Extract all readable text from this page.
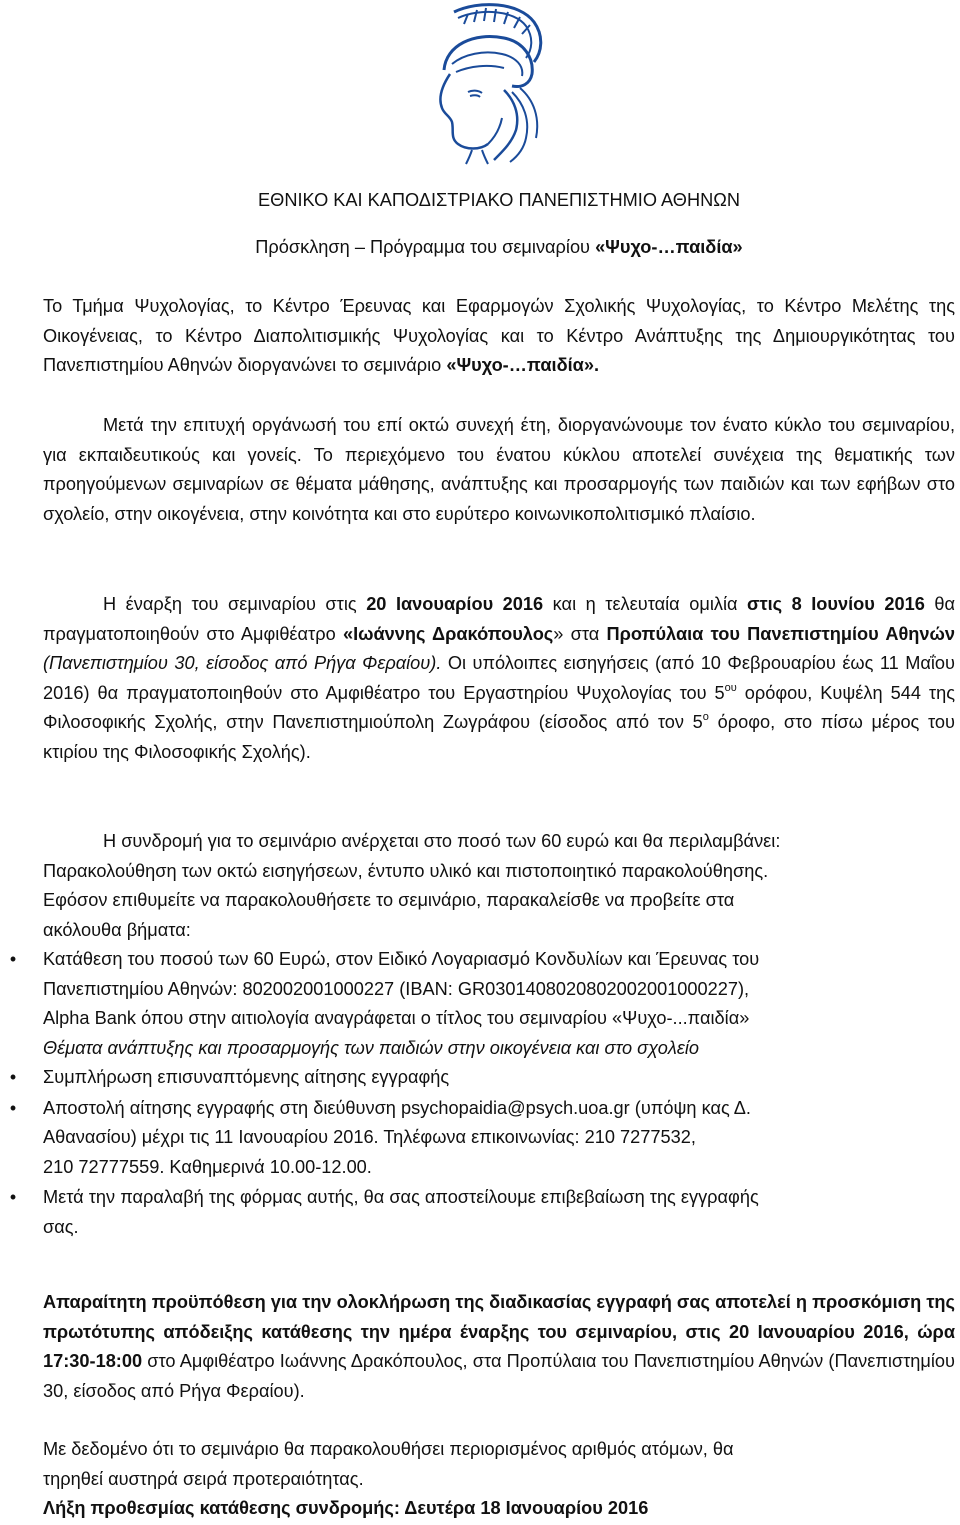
ΕΘΝΙΚΟ ΚΑΙ ΚΑΠΟΔΙΣΤΡΙΑΚΟ ΠΑΝΕΠΙΣΤΗΜΙΟ ΑΘΗΝΩΝ
Πρόσκληση – Πρόγραμμα του σεμιναρίου «Ψυχο-…παιδία»
Το Τμήμα Ψυχολογίας, το Κέντρο Έρευνας και Εφαρμογών Σχολικής Ψυχολογίας, το Κέντρο Μελέτης της Οικογένειας, το Κέντρο Διαπολιτισμικής Ψυχολογίας και το Κέντρο Ανάπτυξης της Δημιουργικότητας του Πανεπιστημίου Αθηνών διοργανώνει το σεμινάριο «Ψυχο-…παιδία».
Μετά την επιτυχή οργάνωσή του επί οκτώ συνεχή έτη, διοργανώνουμε τον ένατο κύκλο του σεμιναρίου, για εκπαιδευτικούς και γονείς. Το περιεχόμενο του ένατου κύκλου αποτελεί συνέχεια της θεματικής των προηγούμενων σεμιναρίων σε θέματα μάθησης, ανάπτυξης και προσαρμογής των παιδιών και των εφήβων στο σχολείο, στην οικογένεια, στην κοινότητα και στο ευρύτερο κοινωνικοπολιτισμικό πλαίσιο.
Η έναρξη του σεμιναρίου στις 20 Ιανουαρίου 2016 και η τελευταία ομιλία στις 8 Ιουνίου 2016 θα πραγματοποιηθούν στο Αμφιθέατρο «Ιωάννης Δρακόπουλος» στα Προπύλαια του Πανεπιστημίου Αθηνών (Πανεπιστημίου 30, είσοδος από Ρήγα Φεραίου). Οι υπόλοιπες εισηγήσεις (από 10 Φεβρουαρίου έως 11 Μαΐου 2016) θα πραγματοποιηθούν στο Αμφιθέατρο του Εργαστηρίου Ψυχολογίας του $5^{o\upsilon}$ ορόφου, Κυψέλη 544 της Φιλοσοφικής Σχολής, στην Πανεπιστημιούπολη Ζωγράφου (είσοδος από τον $5^o$ όροφο, στο πίσω μέρος του κτιρίου της Φιλοσοφικής Σχολής).
Η συνδρομή για το σεμινάριο ανέρχεται στο ποσό των 60 ευρώ και θα περιλαμβάνει:
Παρακολούθηση των οκτώ εισηγήσεων, έντυπο υλικό και πιστοποιητικό παρακολούθησης.
Εφόσον επιθυμείτε να παρακολουθήσετε το σεμινάριο, παρακαλείσθε να προβείτε στα
ακόλουθα βήματα:
• Κατάθεση του ποσού των 60 Ευρώ, στον Ειδικό Λογαριασμό Κονδυλίων και Έρευνας του
Πανεπιστημίου Αθηνών: 802002001000227 (IBAN: GR0301408020802002001000227),
Alpha Bank όπου στην αιτιολογία αναγράφεται ο τίτλος του σεμιναρίου «Ψυχο-...παιδία»
Θέματα ανάπτυξης και προσαρμογής των παιδιών στην οικογένεια και στο σχολείο
• Συμπλήρωση επισυναπτόμενης αίτησης εγγραφής
• Αποστολή αίτησης εγγραφής στη διεύθυνση psychopaidia@psych.uoa.gr (υπόψη κας Δ.
Αθανασίου) μέχρι τις 11 Ιανουαρίου 2016. Τηλέφωνα επικοινωνίας: 210 7277532,
210 72777559. Καθημερινά 10.00-12.00.
• Μετά την παραλαβή της φόρμας αυτής, θα σας αποστείλουμε επιβεβαίωση της εγγραφής
σας.
Απαραίτητη προϋπόθεση για την ολοκλήρωση της διαδικασίας εγγραφή σας αποτελεί η προσκόμιση της πρωτότυπης απόδειξης κατάθεσης την ημέρα έναρξης του σεμιναρίου, στις 20 Ιανουαρίου 2016, ώρα 17:30-18:00 στο Αμφιθέατρο Ιωάννης Δρακόπουλος, στα Προπύλαια του Πανεπιστημίου Αθηνών (Πανεπιστημίου 30, είσοδος από Ρήγα Φεραίου).
Με δεδομένο ότι το σεμινάριο θα παρακολουθήσει περιορισμένος αριθμός ατόμων, θα
τηρηθεί αυστηρά σειρά προτεραιότητας.
Λήξη προθεσμίας κατάθεσης συνδρομής: Δευτέρα 18 Ιανουαρίου 2016
